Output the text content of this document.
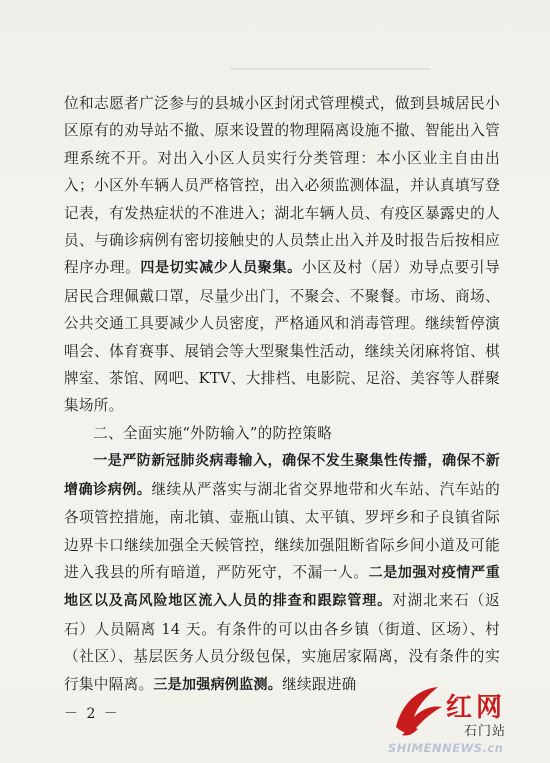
位和志愿者广泛参与的县城小区封闭式管理模式，做到县城居民小区原有的劝导站不撤、原来设置的物理隔离设施不撤、智能出入管理系统不开。对出入小区人员实行分类管理：本小区业主自由出入；小区外车辆人员严格管控，出入必须监测体温，并认真填写登记表，有发热症状的不准进入；湖北车辆人员、有疫区暴露史的人员、与确诊病例有密切接触史的人员禁止出入并及时报告后按相应程序办理。四是切实减少人员聚集。小区及村（居）劝导点要引导居民合理佩戴口罩，尽量少出门，不聚会、不聚餐。市场、商场、公共交通工具要减少人员密度，严格通风和消毒管理。继续暂停演唱会、体育赛事、展销会等大型聚集性活动，继续关闭麻将馆、棋牌室、茶馆、网吧、KTV、大排档、电影院、足浴、美容等人群聚集场所。

二、全面实施“外防输入”的防控策略

一是严防新冠肺炎病毒输入，确保不发生聚集性传播，确保不新增确诊病例。继续从严落实与湖北省交界地带和火车站、汽车站的各项管控措施，南北镇、壶瓶山镇、太平镇、罗坪乡和子良镇省际边界卡口继续加强全天候管控，继续加强阻断省际乡间小道及可能进入我县的所有暗道，严防死守，不漏一人。二是加强对疫情严重地区以及高风险地区流入人员的排查和跟踪管理。对湖北来石（返石）人员隔离 14 天。有条件的可以由各乡镇（街道、区场）、村（社区）、基层医务人员分级包保，实施居家隔离，没有条件的实行集中隔离。三是加强病例监测。继续跟进确

－ 2 －	红网
石门站
SHIMENNEWS.cn
